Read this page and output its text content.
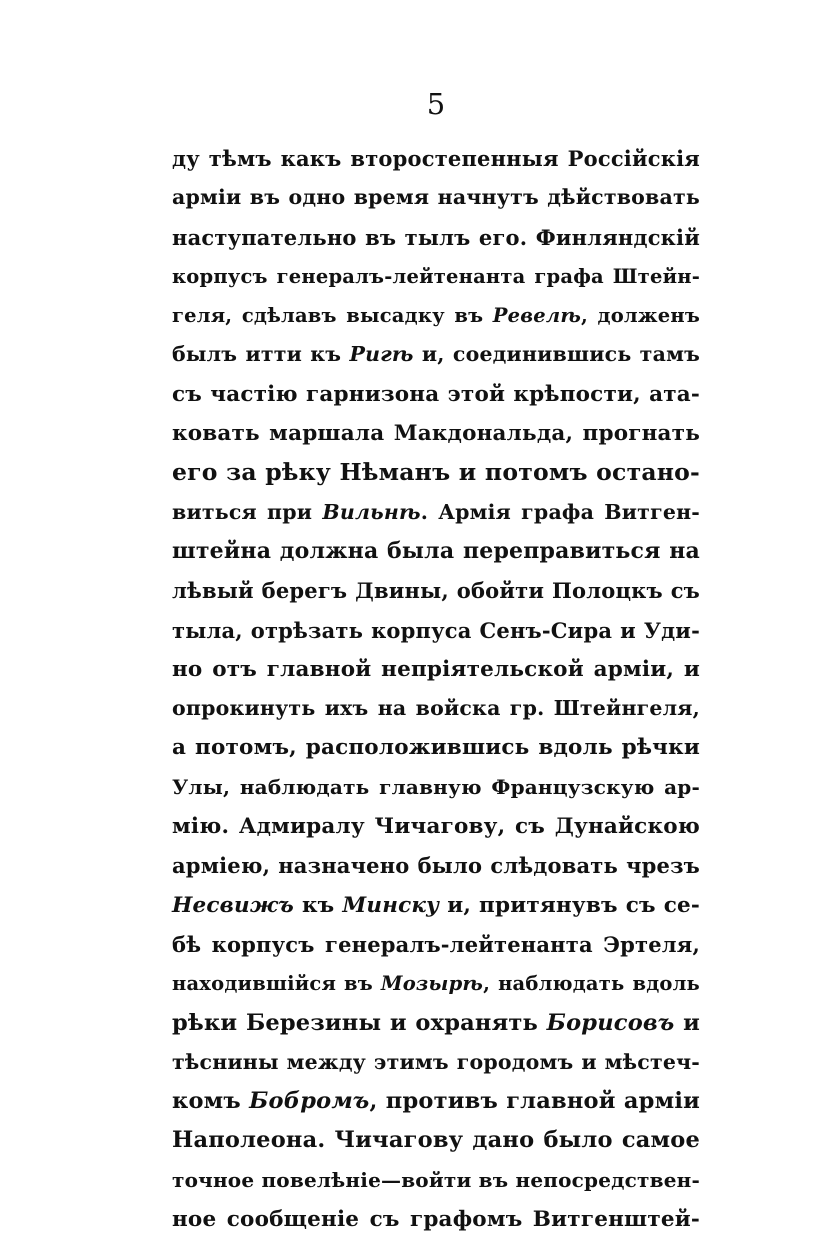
5
ду тѣмъ какъ второстепенныя Россійскія
арміи въ одно время начнутъ дѣйствовать
наступательно въ тылъ его. Финляндскій
корпусъ генералъ-лейтенанта графа Штейн-
геля, сдѣлавъ высадку въ Ревелѣ, долженъ
былъ итти къ Ригѣ и, соединившись тамъ
съ частію гарнизона этой крѣпости, ата-
ковать маршала Макдональда, прогнать
его за рѣку Нѣманъ и потомъ остано-
виться при Вильнѣ. Армія графа Витген-
штейна должна была переправиться на
лѣвый берегъ Двины, обойти Полоцкъ съ
тыла, отрѣзать корпуса Сенъ-Сира и Уди-
но отъ главной непріятельской арміи, и
опрокинуть ихъ на войска гр. Штейнгеля,
а потомъ, расположившись вдоль рѣчки
Улы, наблюдать главную Французскую ар-
мію. Адмиралу Чичагову, съ Дунайскою
арміею, назначено было слѣдовать чрезъ
Несвижъ къ Минску и, притянувъ съ се-
бѣ корпусъ генералъ-лейтенанта Эртеля,
находившійся въ Мозырѣ, наблюдать вдоль
рѣки Березины и охранять Борисовъ и
тѣснины между этимъ городомъ и мѣстеч-
комъ Бобромъ, противъ главной арміи
Наполеона. Чичагову дано было самое
точное повелѣніе—войти въ непосредствен-
ное сообщеніе съ графомъ Витгенштей-
